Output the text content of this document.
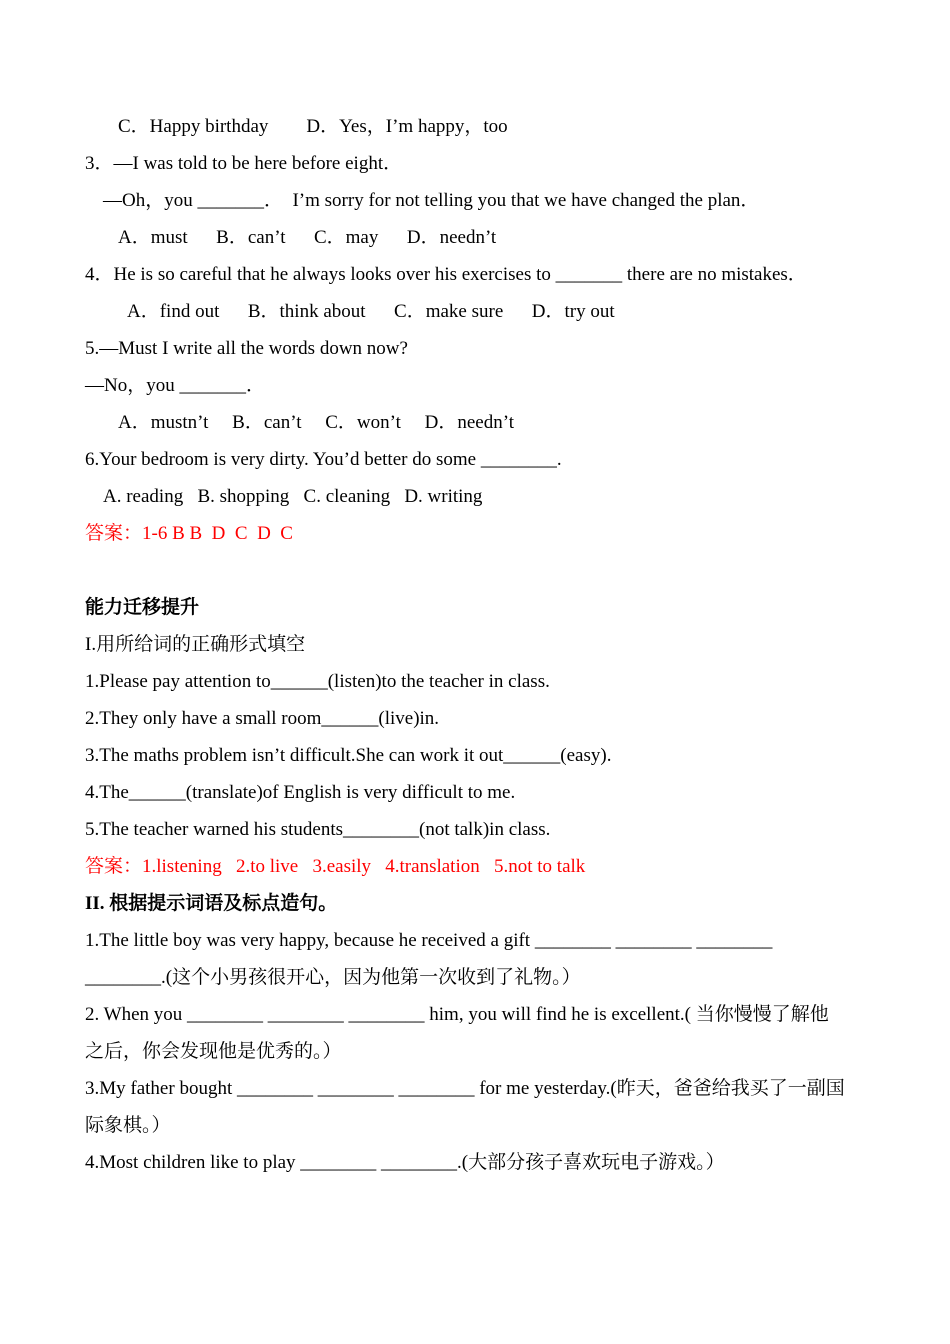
C．Happy birthday        D．Yes，I’m happy，too
3．—I was told to be here before eight．
—Oh，you _______．  I’m sorry for not telling you that we have changed the plan．
A．must      B．can’t      C．may      D．needn’t
4．He is so careful that he always looks over his exercises to _______ there are no mistakes．
A．find out      B．think about      C．make sure      D．try out
5.—Must I write all the words down now?
—No，you _______．
A．mustn’t     B．can’t     C．won’t     D．needn’t
6.Your bedroom is very dirty. You’d better do some ________.
A. reading   B. shopping   C. cleaning   D. writing
答案：1-6 B B  D  C  D  C
能力迁移提升
I.用所给词的正确形式填空
1.Please pay attention to______(listen)to the teacher in class.
2.They only have a small room______(live)in.
3.The maths problem isn’t difficult.She can work it out______(easy).
4.The______(translate)of English is very difficult to me.
5.The teacher warned his students________(not talk)in class.
答案：1.listening   2.to live   3.easily   4.translation   5.not to talk
II. 根据提示词语及标点造句。
1.The little boy was very happy, because he received a gift ________ ________ ________
________.(这个小男孩很开心，因为他第一次收到了礼物。）
2. When you ________ ________ ________ him, you will find he is excellent.( 当你慢慢了解他
之后，你会发现他是优秀的。）
3.My father bought ________ ________ ________ for me yesterday.(昨天，爸爸给我买了一副国
际象棋。）
4.Most children like to play ________ ________.(大部分孩子喜欢玩电子游戏。）
